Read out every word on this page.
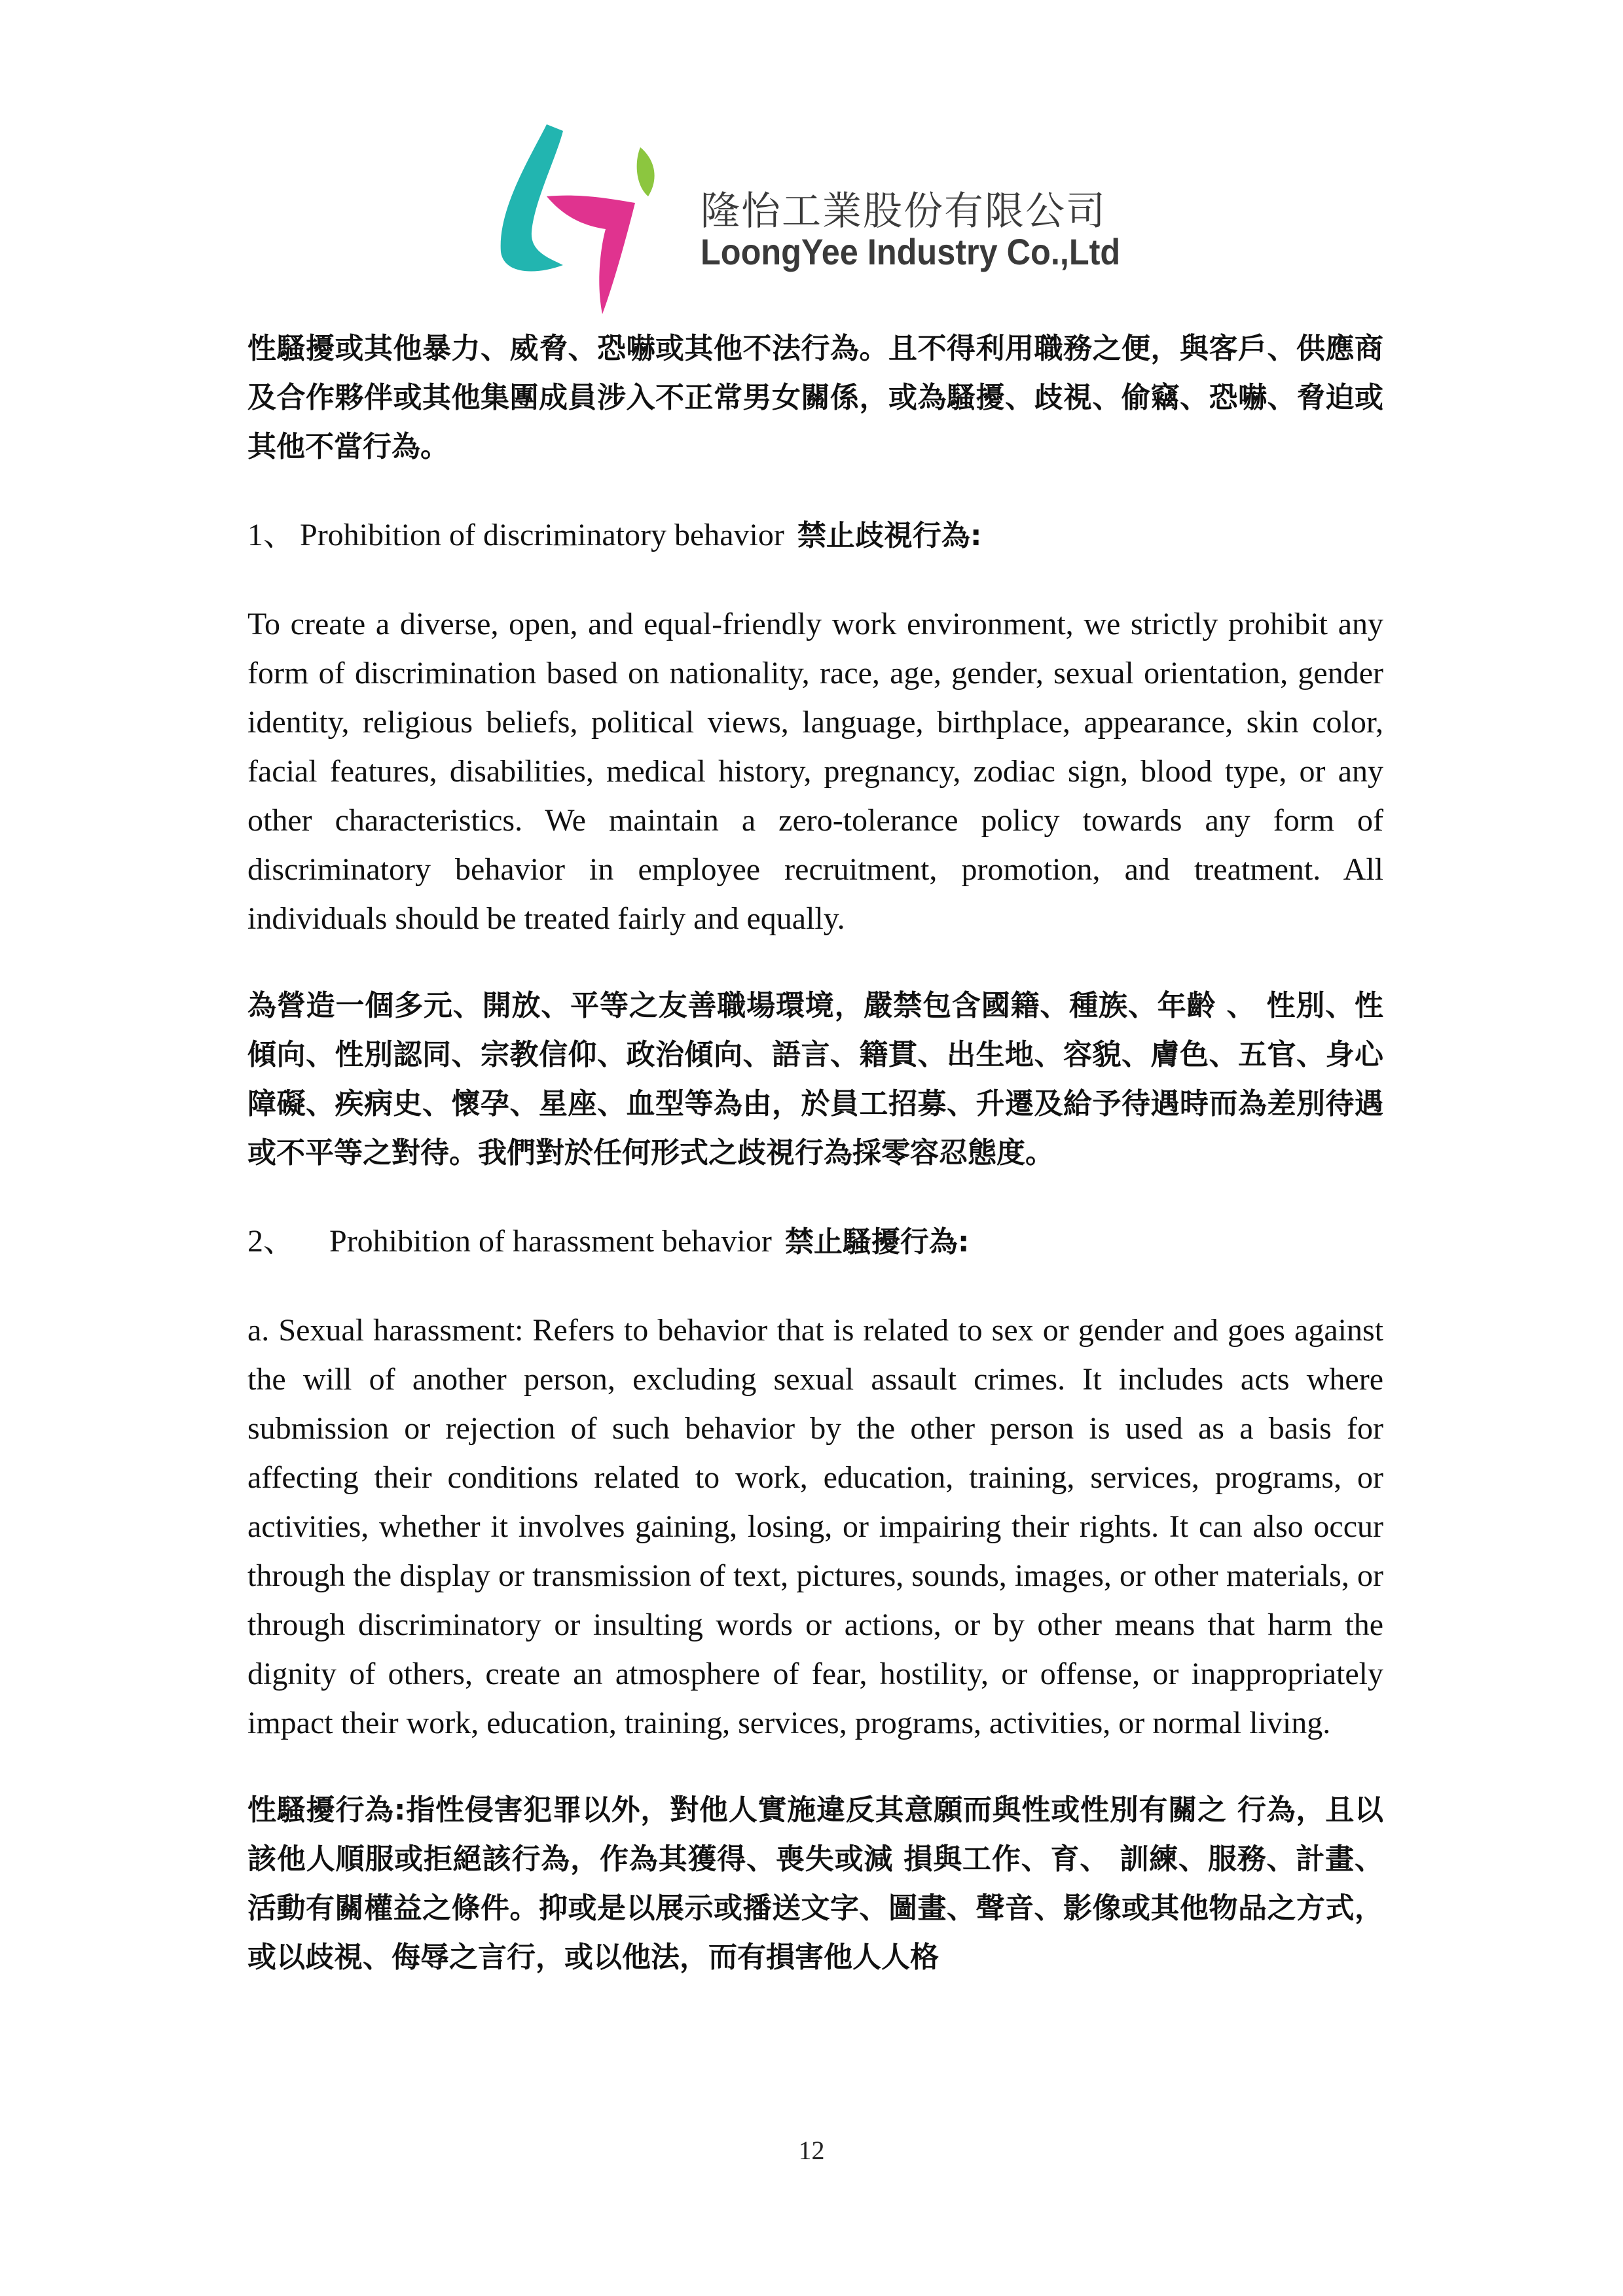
隆怡工業股份有限公司
LoongYee Industry Co.,Ltd

性騷擾或其他暴力、威脅、恐嚇或其他不法行為。且不得利用職務之便，與客戶、供應商及合作夥伴或其他集團成員涉入不正常男女關係，或為騷擾、歧視、偷竊、恐嚇、脅迫或其他不當行為。

1、 Prohibition of discriminatory behavior 禁止歧視行為:

To create a diverse, open, and equal-friendly work environment, we strictly prohibit any form of discrimination based on nationality, race, age, gender, sexual orientation, gender identity, religious beliefs, political views, language, birthplace, appearance, skin color, facial features, disabilities, medical history, pregnancy, zodiac sign, blood type, or any other characteristics. We maintain a zero-tolerance policy towards any form of discriminatory behavior in employee recruitment, promotion, and treatment. All individuals should be treated fairly and equally.

為營造一個多元、開放、平等之友善職場環境，嚴禁包含國籍、種族、年齡 、 性別、性傾向、性別認同、宗教信仰、政治傾向、語言、籍貫、出生地、容貌、膚色、五官、身心障礙、疾病史、懷孕、星座、血型等為由，於員工招募、升遷及給予待遇時而為差別待遇或不平等之對待。我們對於任何形式之歧視行為採零容忍態度。

2、 Prohibition of harassment behavior 禁止騷擾行為:

a. Sexual harassment: Refers to behavior that is related to sex or gender and goes against the will of another person, excluding sexual assault crimes. It includes acts where submission or rejection of such behavior by the other person is used as a basis for affecting their conditions related to work, education, training, services, programs, or activities, whether it involves gaining, losing, or impairing their rights. It can also occur through the display or transmission of text, pictures, sounds, images, or other materials, or through discriminatory or insulting words or actions, or by other means that harm the dignity of others, create an atmosphere of fear, hostility, or offense, or inappropriately impact their work, education, training, services, programs, activities, or normal living.

性騷擾行為:指性侵害犯罪以外，對他人實施違反其意願而與性或性別有關之 行為，且以該他人順服或拒絕該行為，作為其獲得、喪失或減 損與工作、育、 訓練、服務、計畫、活動有關權益之條件。抑或是以展示或播送文字、圖畫、聲音、影像或其他物品之方式，或以歧視、侮辱之言行，或以他法，而有損害他人人格

12
